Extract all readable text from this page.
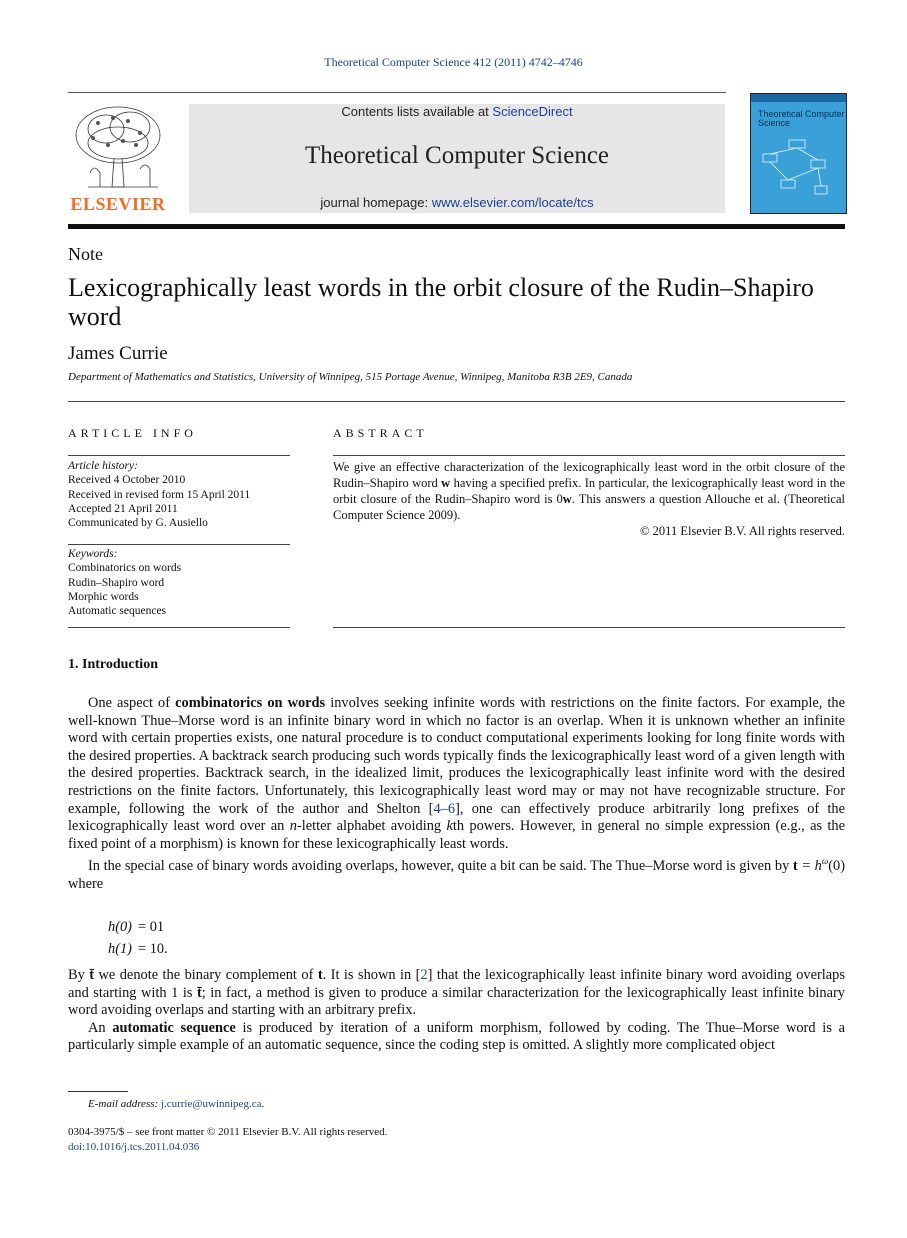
Theoretical Computer Science 412 (2011) 4742–4746
ELSEVIER
Contents lists available at ScienceDirect
Theoretical Computer Science
journal homepage: www.elsevier.com/locate/tcs
Theoretical Computer Science
Note
Lexicographically least words in the orbit closure of the Rudin–Shapiro word
James Currie
Department of Mathematics and Statistics, University of Winnipeg, 515 Portage Avenue, Winnipeg, Manitoba R3B 2E9, Canada
ARTICLE INFO
Article history:
Received 4 October 2010
Received in revised form 15 April 2011
Accepted 21 April 2011
Communicated by G. Ausiello
Keywords:
Combinatorics on words
Rudin–Shapiro word
Morphic words
Automatic sequences
ABSTRACT
We give an effective characterization of the lexicographically least word in the orbit closure of the Rudin–Shapiro word w having a specified prefix. In particular, the lexicographically least word in the orbit closure of the Rudin–Shapiro word is 0w. This answers a question Allouche et al. (Theoretical Computer Science 2009).
© 2011 Elsevier B.V. All rights reserved.
1. Introduction

One aspect of combinatorics on words involves seeking infinite words with restrictions on the finite factors. For example, the well-known Thue–Morse word is an infinite binary word in which no factor is an overlap. When it is unknown whether an infinite word with certain properties exists, one natural procedure is to conduct computational experiments looking for long finite words with the desired properties. A backtrack search producing such words typically finds the lexicographically least word of a given length with the desired properties. Backtrack search, in the idealized limit, produces the lexicographically least infinite word with the desired restrictions on the finite factors. Unfortunately, this lexicographically least word may or may not have recognizable structure. For example, following the work of the author and Shelton [4–6], one can effectively produce arbitrarily long prefixes of the lexicographically least word over an n-letter alphabet avoiding kth powers. However, in general no simple expression (e.g., as the fixed point of a morphism) is known for these lexicographically least words.

In the special case of binary words avoiding overlaps, however, quite a bit can be said. The Thue–Morse word is given by $t = h^\omega(0)$ where

h(0)	= 01
h(1)	= 10.

By t̄ we denote the binary complement of t. It is shown in [2] that the lexicographically least infinite binary word avoiding overlaps and starting with 1 is t̄; in fact, a method is given to produce a similar characterization for the lexicographically least infinite binary word avoiding overlaps and starting with an arbitrary prefix.

An automatic sequence is produced by iteration of a uniform morphism, followed by coding. The Thue–Morse word is a particularly simple example of an automatic sequence, since the coding step is omitted. A slightly more complicated object

E-mail address: j.currie@uwinnipeg.ca.
0304-3975/$ – see front matter © 2011 Elsevier B.V. All rights reserved.
doi:10.1016/j.tcs.2011.04.036
